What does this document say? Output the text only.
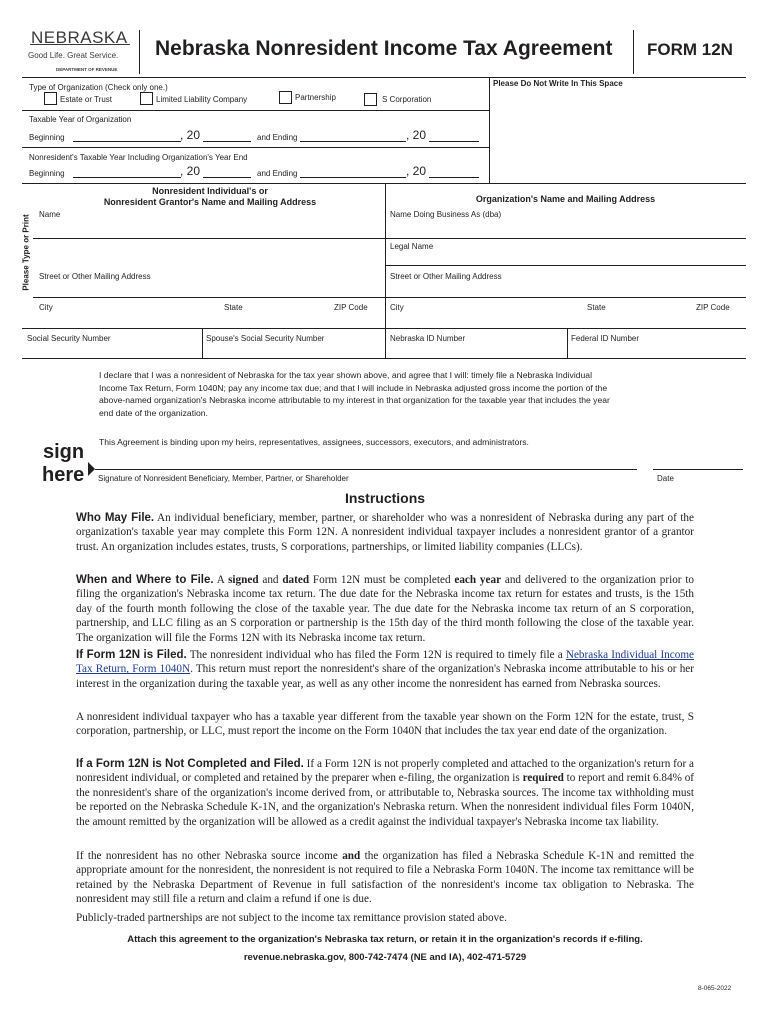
NEBRASKA
Good Life. Great Service.
DEPARTMENT OF REVENUE
Nebraska Nonresident Income Tax Agreement FORM 12N
Type of Organization (Check only one.)
Estate or Trust	Limited Liability Company	Partnership	S Corporation
Please Do Not Write In This Space
Taxable Year of Organization
Beginning	, 20	and Ending	, 20
Nonresident's Taxable Year Including Organization's Year End
Beginning	, 20	and Ending	, 20
Please Type or Print
Nonresident Individual's or
Nonresident Grantor's Name and Mailing Address
Name
Street or Other Mailing Address
City	State	ZIP Code
Social Security Number	Spouse's Social Security Number
Organization's Name and Mailing Address
Name Doing Business As (dba)
Legal Name
Street or Other Mailing Address
City	State	ZIP Code
Nebraska ID Number	Federal ID Number
I declare that I was a nonresident of Nebraska for the tax year shown above, and agree that I will: timely file a Nebraska Individual
Income Tax Return, Form 1040N; pay any income tax due; and that I will include in Nebraska adjusted gross income the portion of the
above-named organization's Nebraska income attributable to my interest in that organization for the taxable year that includes the year
end date of the organization.
This Agreement is binding upon my heirs, representatives, assignees, successors, executors, and administrators.
sign
here Signature of Nonresident Beneficiary, Member, Partner, or Shareholder	Date
Instructions
Who May File. An individual beneficiary, member, partner, or shareholder who was a nonresident of Nebraska during any part of the organization's taxable year may complete this Form 12N. A nonresident individual taxpayer includes a nonresident grantor of a grantor trust. An organization includes estates, trusts, S corporations, partnerships, or limited liability companies (LLCs).
When and Where to File. A signed and dated Form 12N must be completed each year and delivered to the organization prior to filing the organization's Nebraska income tax return. The due date for the Nebraska income tax return for estates and trusts, is the 15th day of the fourth month following the close of the taxable year. The due date for the Nebraska income tax return of an S corporation, partnership, and LLC filing as an S corporation or partnership is the 15th day of the third month following the close of the taxable year. The organization will file the Forms 12N with its Nebraska income tax return.
If Form 12N is Filed. The nonresident individual who has filed the Form 12N is required to timely file a Nebraska Individual Income Tax Return, Form 1040N. This return must report the nonresident's share of the organization's Nebraska income attributable to his or her interest in the organization during the taxable year, as well as any other income the nonresident has earned from Nebraska sources.
A nonresident individual taxpayer who has a taxable year different from the taxable year shown on the Form 12N for the estate, trust, S corporation, partnership, or LLC, must report the income on the Form 1040N that includes the tax year end date of the organization.
If a Form 12N is Not Completed and Filed. If a Form 12N is not properly completed and attached to the organization's return for a nonresident individual, or completed and retained by the preparer when e-filing, the organization is required to report and remit 6.84% of the nonresident's share of the organization's income derived from, or attributable to, Nebraska sources. The income tax withholding must be reported on the Nebraska Schedule K-1N, and the organization's Nebraska return. When the nonresident individual files Form 1040N, the amount remitted by the organization will be allowed as a credit against the individual taxpayer's Nebraska income tax liability.
If the nonresident has no other Nebraska source income and the organization has filed a Nebraska Schedule K-1N and remitted the appropriate amount for the nonresident, the nonresident is not required to file a Nebraska Form 1040N. The income tax remittance will be retained by the Nebraska Department of Revenue in full satisfaction of the nonresident's income tax obligation to Nebraska. The nonresident may still file a return and claim a refund if one is due.
Publicly-traded partnerships are not subject to the income tax remittance provision stated above.
Attach this agreement to the organization's Nebraska tax return, or retain it in the organization's records if e-filing.
revenue.nebraska.gov, 800-742-7474 (NE and IA), 402-471-5729
8-065-2022
